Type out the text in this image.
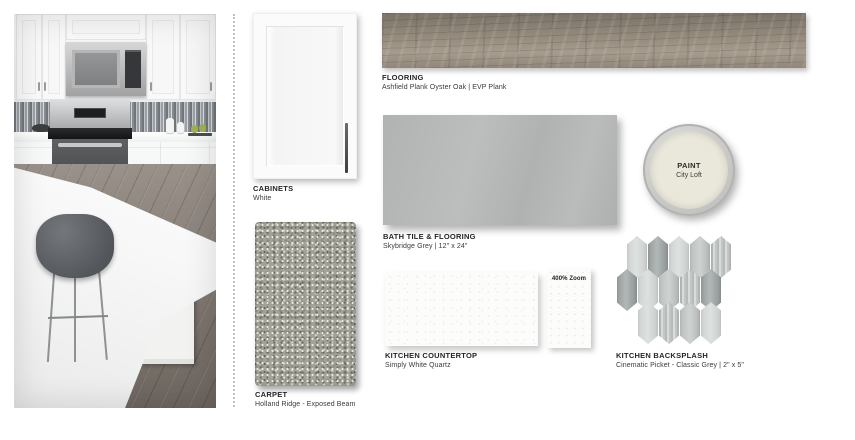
CABINETS
White
CARPET
Holland Ridge - Exposed Beam
FLOORING
Ashfield Plank Oyster Oak | EVP Plank
BATH TILE & FLOORING
Skybridge Grey | 12" x 24"
PAINT
City Loft
400% Zoom
KITCHEN COUNTERTOP
Simply White Quartz
KITCHEN BACKSPLASH
Cinematic Picket - Classic Grey | 2" x 5"
